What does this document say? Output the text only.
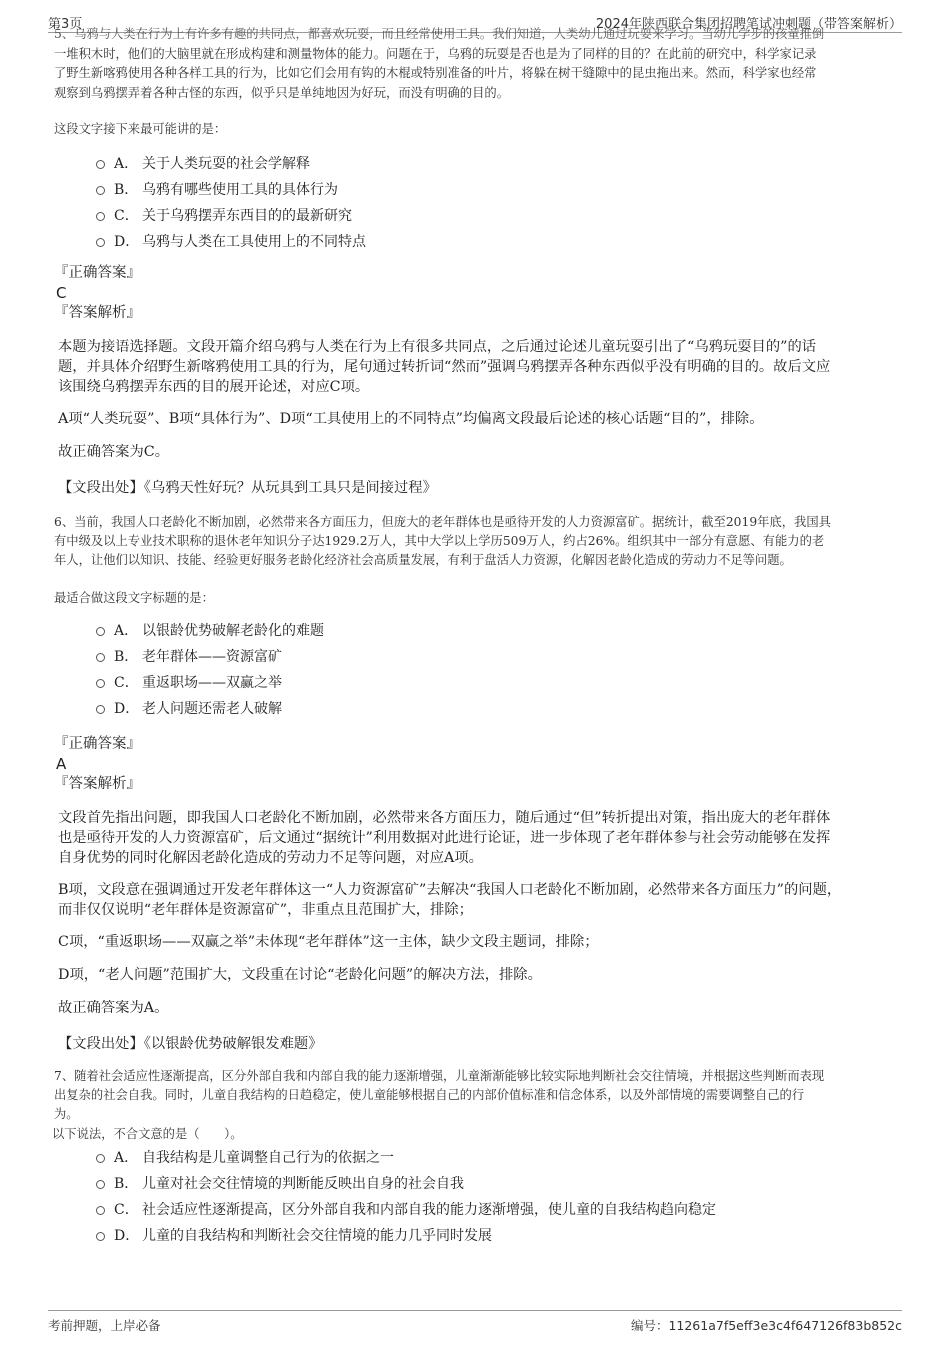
第3页	2024年陕西联合集团招聘笔试冲刺题（带答案解析）

5、乌鸦与人类在行为上有许多有趣的共同点，都喜欢玩耍，而且经常使用工具。我们知道，人类幼儿通过玩耍来学习。当幼儿学步的孩童推倒

一堆积木时，他们的大脑里就在形成构建和测量物体的能力。问题在于，乌鸦的玩耍是否也是为了同样的目的？在此前的研究中，科学家记录

了野生新喀鸦使用各种各样工具的行为，比如它们会用有钩的木棍或特别准备的叶片，将躲在树干缝隙中的昆虫拖出来。然而，科学家也经常

观察到乌鸦摆弄着各种古怪的东西，似乎只是单纯地因为好玩，而没有明确的目的。

这段文字接下来最可能讲的是：

A． 关于人类玩耍的社会学解释
B． 乌鸦有哪些使用工具的具体行为
C． 关于乌鸦摆弄东西目的的最新研究
D． 乌鸦与人类在工具使用上的不同特点

『正确答案』

C

『答案解析』

本题为接语选择题。文段开篇介绍乌鸦与人类在行为上有很多共同点，之后通过论述儿童玩耍引出了“乌鸦玩耍目的”的话

题，并具体介绍野生新喀鸦使用工具的行为，尾句通过转折词“然而”强调乌鸦摆弄各种东西似乎没有明确的目的。故后文应

该围绕乌鸦摆弄东西的目的展开论述，对应C项。

A项“人类玩耍”、B项“具体行为”、D项“工具使用上的不同特点”均偏离文段最后论述的核心话题“目的”，排除。

故正确答案为C。

【文段出处】《乌鸦天性好玩？从玩具到工具只是间接过程》

6、当前，我国人口老龄化不断加剧，必然带来各方面压力，但庞大的老年群体也是亟待开发的人力资源富矿。据统计，截至2019年底，我国具

有中级及以上专业技术职称的退休老年知识分子达1929.2万人，其中大学以上学历509万人，约占26%。组织其中一部分有意愿、有能力的老

年人，让他们以知识、技能、经验更好服务老龄化经济社会高质量发展，有利于盘活人力资源，化解因老龄化造成的劳动力不足等问题。

最适合做这段文字标题的是：

A． 以银龄优势破解老龄化的难题
B． 老年群体——资源富矿
C． 重返职场——双赢之举
D． 老人问题还需老人破解

『正确答案』

A

『答案解析』

文段首先指出问题，即我国人口老龄化不断加剧，必然带来各方面压力，随后通过“但”转折提出对策，指出庞大的老年群体

也是亟待开发的人力资源富矿，后文通过“据统计”利用数据对此进行论证，进一步体现了老年群体参与社会劳动能够在发挥

自身优势的同时化解因老龄化造成的劳动力不足等问题，对应A项。

B项，文段意在强调通过开发老年群体这一“人力资源富矿”去解决“我国人口老龄化不断加剧，必然带来各方面压力”的问题，

而非仅仅说明“老年群体是资源富矿”，非重点且范围扩大，排除；

C项，“重返职场——双赢之举”未体现“老年群体”这一主体，缺少文段主题词，排除；

D项，“老人问题”范围扩大，文段重在讨论“老龄化问题”的解决方法，排除。

故正确答案为A。

【文段出处】《以银龄优势破解银发难题》

7、随着社会适应性逐渐提高，区分外部自我和内部自我的能力逐渐增强，儿童渐渐能够比较实际地判断社会交往情境，并根据这些判断而表现

出复杂的社会自我。同时，儿童自我结构的日趋稳定，使儿童能够根据自己的内部价值标准和信念体系，以及外部情境的需要调整自己的行

为。

以下说法，不合文意的是（　　）。

A． 自我结构是儿童调整自己行为的依据之一
B． 儿童对社会交往情境的判断能反映出自身的社会自我
C． 社会适应性逐渐提高，区分外部自我和内部自我的能力逐渐增强，使儿童的自我结构趋向稳定
D． 儿童的自我结构和判断社会交往情境的能力几乎同时发展
考前押题，上岸必备	编号：11261a7f5eff3e3c4f647126f83b852c
